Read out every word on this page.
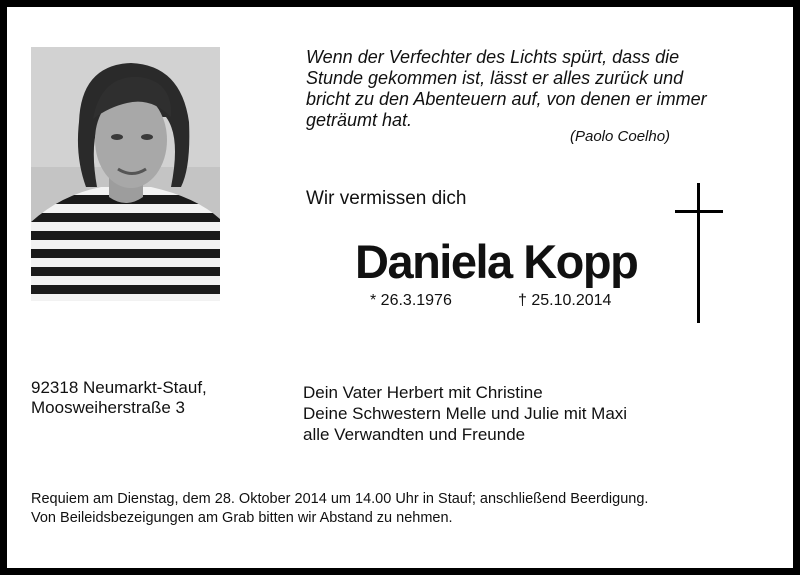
Wenn der Verfechter des Lichts spürt, dass die
Stunde gekommen ist, lässt er alles zurück und
bricht zu den Abenteuern auf, von denen er immer
geträumt hat.
(Paolo Coelho)
Wir vermissen dich
Daniela Kopp
* 26.3.1976	† 25.10.2014
92318 Neumarkt-Stauf,
Moosweiherstraße 3
Dein Vater Herbert mit Christine
Deine Schwestern Melle und Julie mit Maxi
alle Verwandten und Freunde
Requiem am Dienstag, dem 28. Oktober 2014 um 14.00 Uhr in Stauf; anschließend Beerdigung.
Von Beileidsbezeigungen am Grab bitten wir Abstand zu nehmen.
